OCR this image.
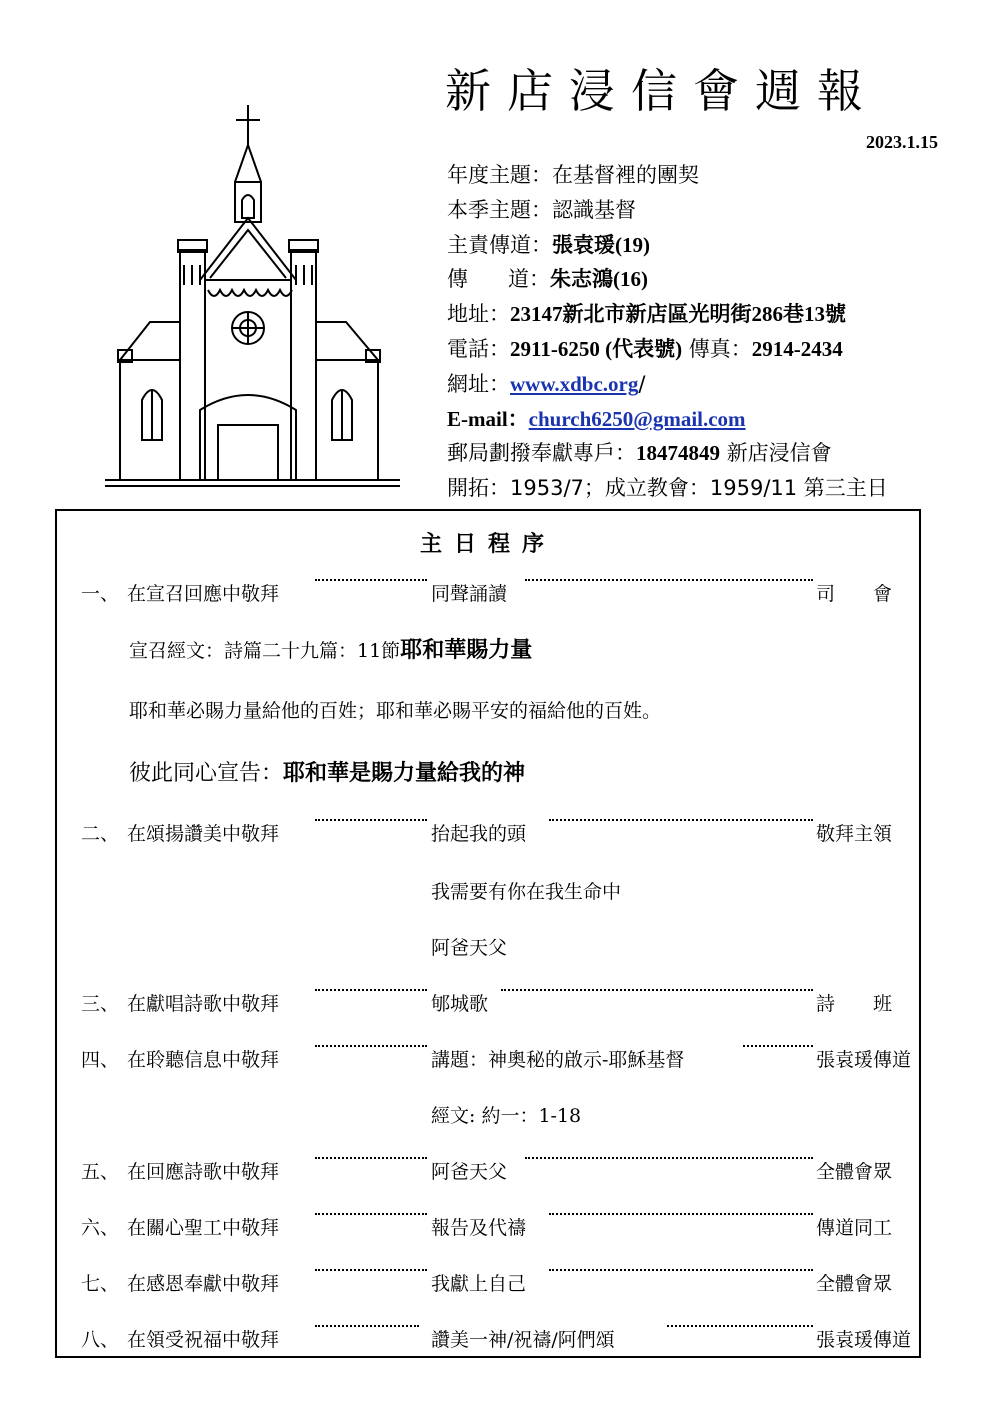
新店浸信會週報
2023.1.15
年度主題：在基督裡的團契
本季主題：認識基督
主責傳道：張袁瑗(19)
傳道：朱志鴻(16)
地址：23147新北市新店區光明街286巷13號
電話：2911-6250 (代表號) 傳真：2914-2434
網址：www.xdbc.org/
E-mail：church6250@gmail.com
郵局劃撥奉獻專戶：18474849 新店浸信會
開拓：1953/7；成立教會：1959/11 第三主日
主日程序
一、 在宣召回應中敬拜	同聲誦讀	司　　會
宣召經文：詩篇二十九篇：11節耶和華賜力量
耶和華必賜力量給他的百姓；耶和華必賜平安的福給他的百姓。
彼此同心宣告：耶和華是賜力量給我的神
二、 在頌揚讚美中敬拜	抬起我的頭	敬拜主領
我需要有你在我生命中
阿爸天父
三、 在獻唱詩歌中敬拜	郇城歌	詩　　班
四、 在聆聽信息中敬拜	講題：神奧秘的啟示-耶穌基督	張袁瑗傳道
經文: 約一：1-18
五、 在回應詩歌中敬拜	阿爸天父	全體會眾
六、 在關心聖工中敬拜	報告及代禱	傳道同工
七、 在感恩奉獻中敬拜	我獻上自己	全體會眾
八、 在領受祝福中敬拜	讚美一神/祝禱/阿們頌	張袁瑗傳道
